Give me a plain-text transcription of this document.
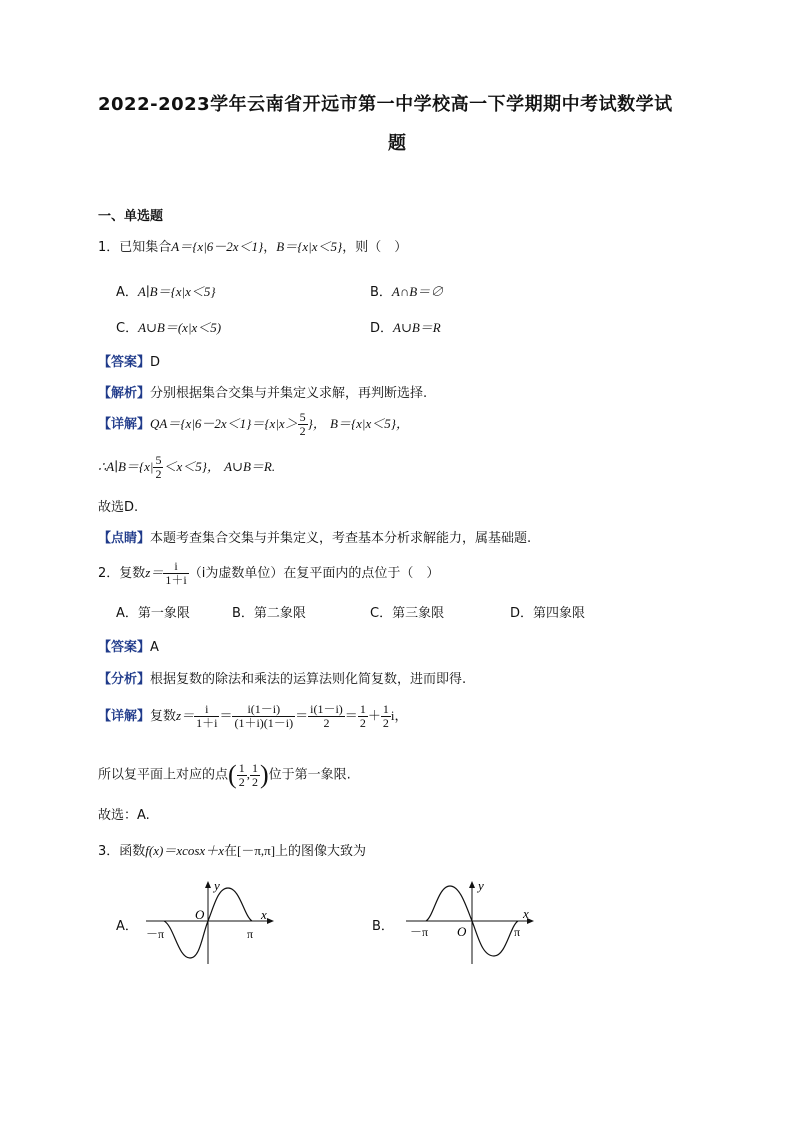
2022-2023学年云南省开远市第一中学校高一下学期期中考试数学试
题
一、单选题
1．已知集合A＝{x|6－2x＜1}，B＝{x|x＜5}，则（　）
A．A∣B＝{x|x＜5}	B．A∩B＝∅
C．A∪B＝(x|x＜5)	D．A∪B＝R
【答案】D
【解析】分别根据集合交集与并集定义求解，再判断选择.
【详解】$QA=\{x|6-2x<1\}=\{x|x> \frac{5}{2}$ }， B＝{x|x＜5}，
∴A∣B＝{x| $\frac{5}{2} <x<5$}， A∪B＝R.
故选D.
【点睛】本题考查集合交集与并集定义，考查基本分析求解能力，属基础题.
2．复数$z= \frac{i}{1+i} (i$为虚数单位）在复平面内的点位于（　）
A．第一象限	B．第二象限	C．第三象限	D．第四象限
【答案】A
【分析】根据复数的除法和乘法的运算法则化简复数，进而即得.
【详解】复数$z= \frac{i}{1+i} = \frac{i(1-i)}{(1+i)(1-i)} = \frac{i(1-i)}{2} = \frac{1}{2} + \frac{1}{2}$ i，
所以复平面上对应的点( $\frac{1}{2}$ , $\frac{1}{2}$ )位于第一象限.
故选：A.
3．函数f(x)＝xcosx＋x在[－π,π]上的图像大致为
A．	B．
y
x
O
－π	π
y
x
O
－π	π
